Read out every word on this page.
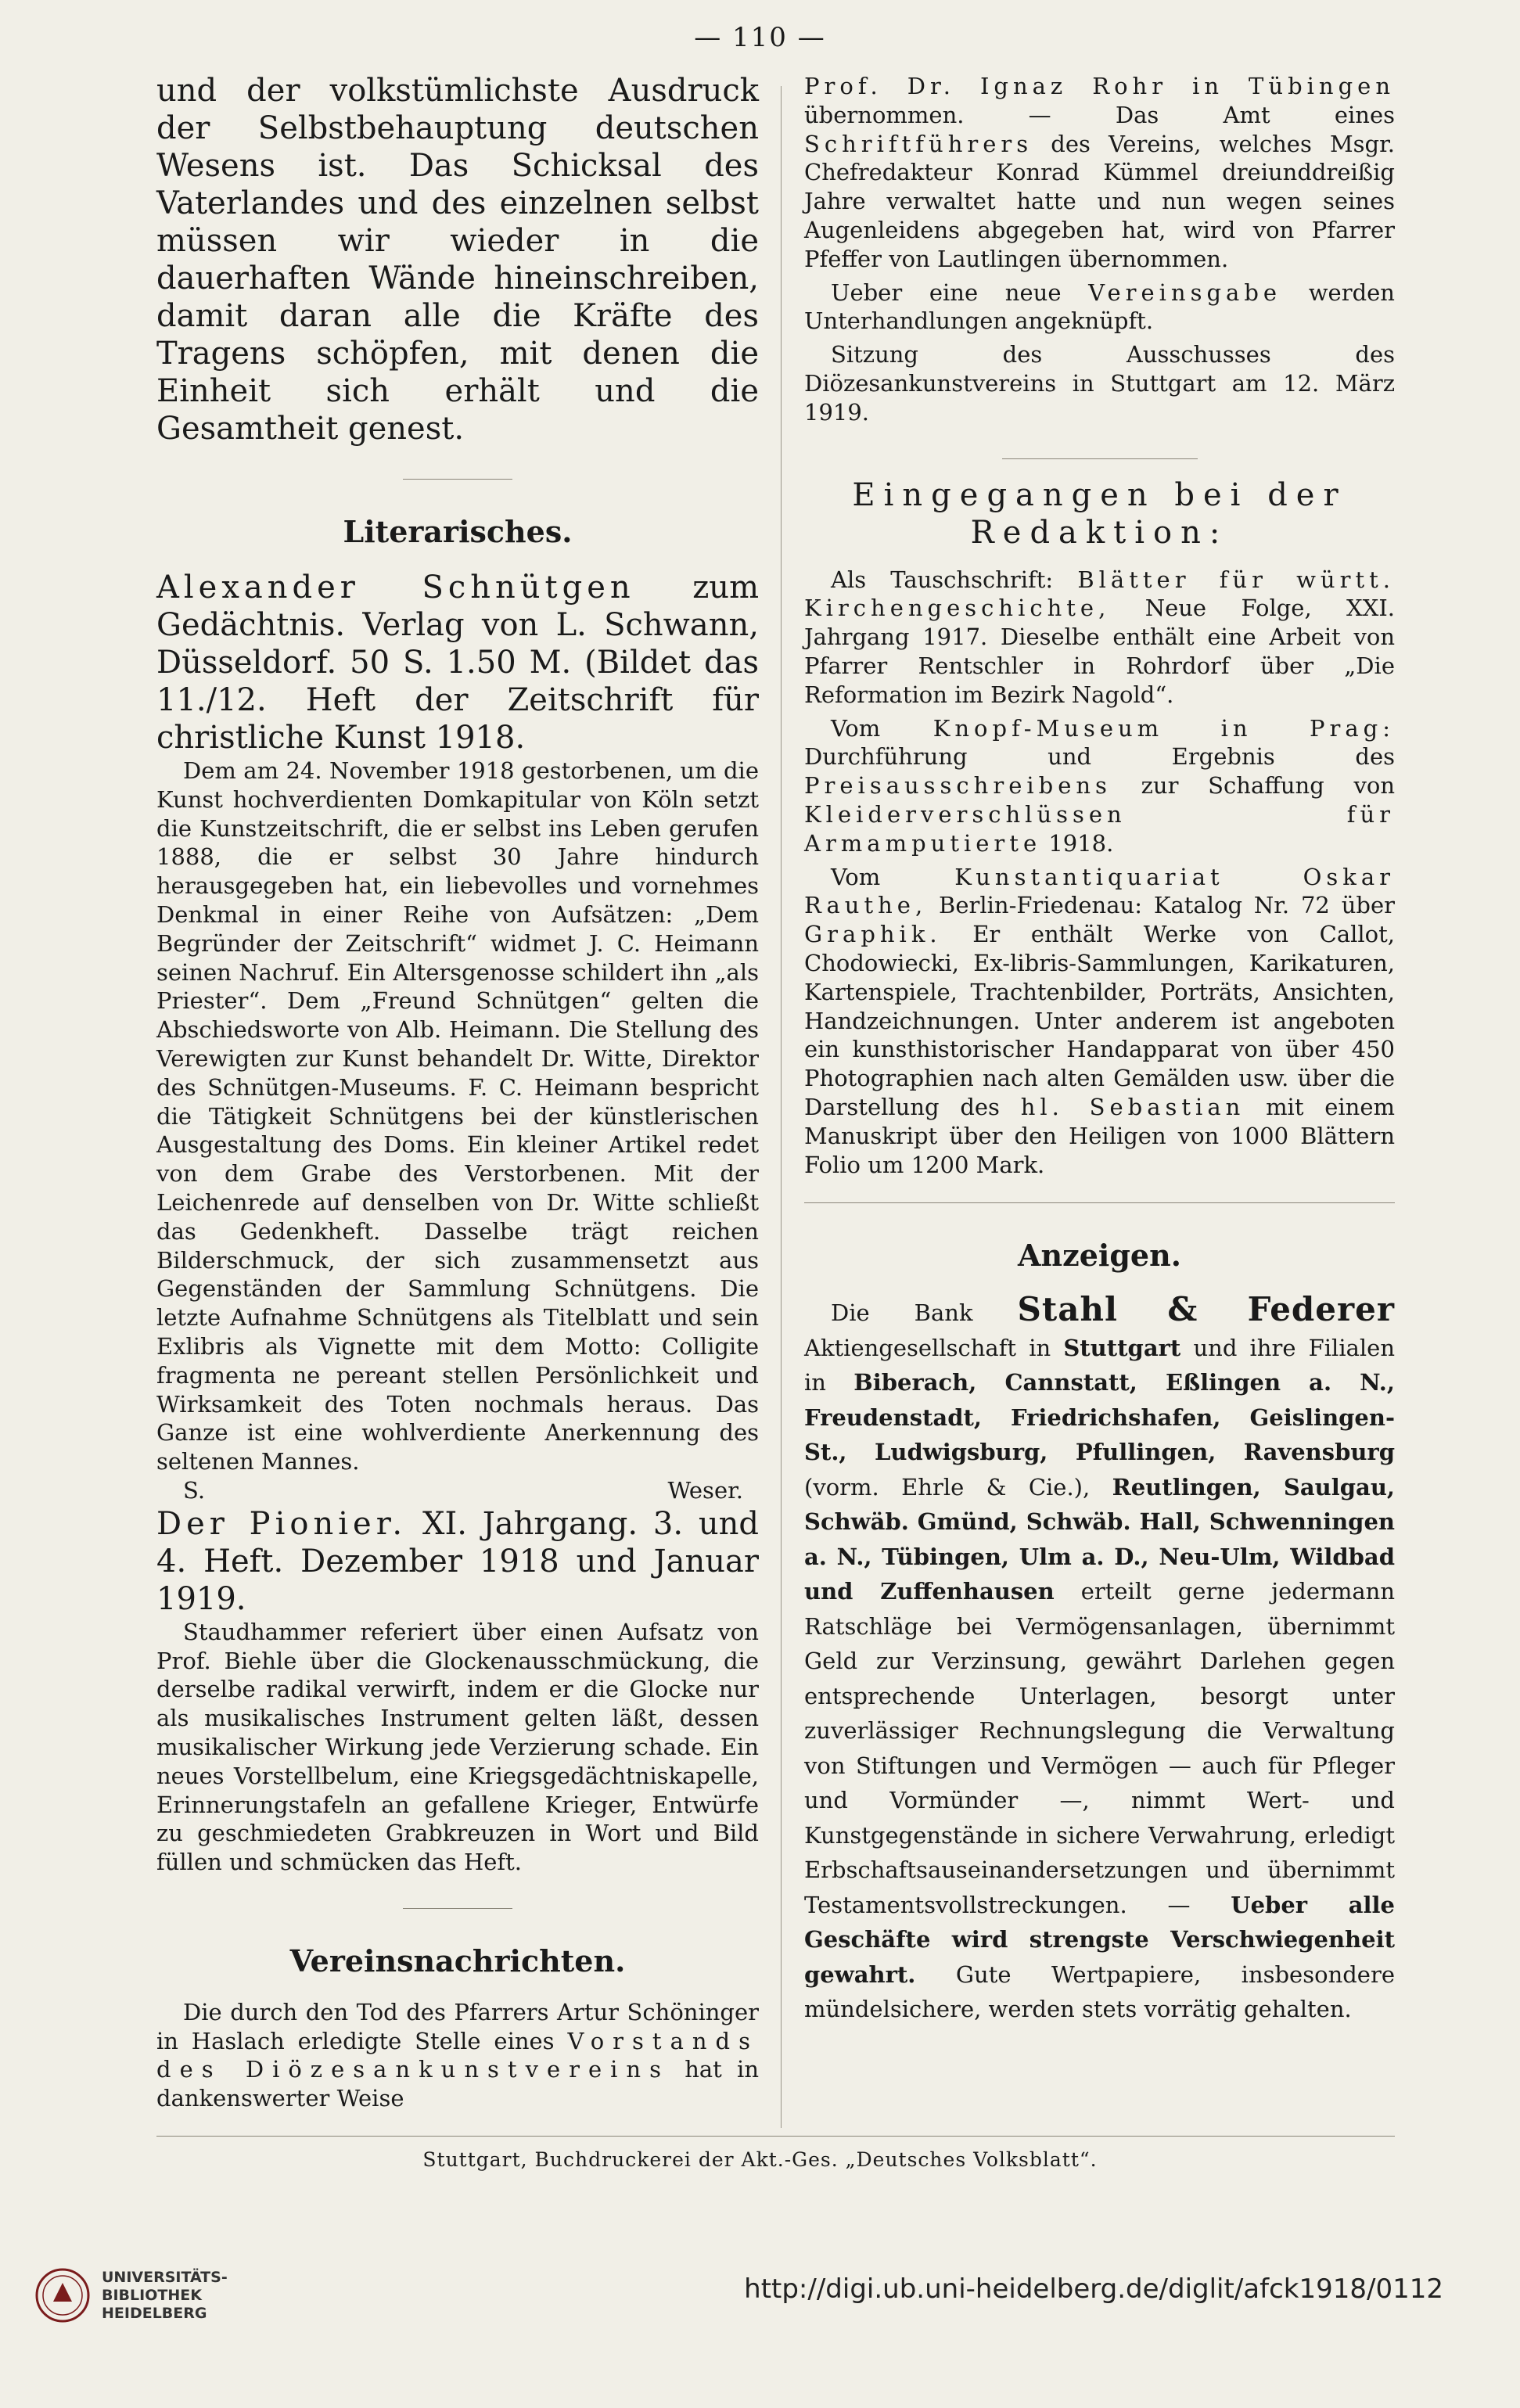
— 110 —

und der volkstümlichste Ausdruck der Selbstbehauptung deutschen Wesens ist. Das Schicksal des Vaterlandes und des einzelnen selbst müssen wir wieder in die dauerhaften Wände hineinschreiben, damit daran alle die Kräfte des Tragens schöpfen, mit denen die Einheit sich erhält und die Gesamtheit genest.

Literarisches.

Alexander Schnütgen zum Gedächtnis. Verlag von L. Schwann, Düsseldorf. 50 S. 1.50 M. (Bildet das 11./12. Heft der Zeitschrift für christliche Kunst 1918.

Dem am 24. November 1918 gestorbenen, um die Kunst hochverdienten Domkapitular von Köln setzt die Kunstzeitschrift, die er selbst ins Leben gerufen 1888, die er selbst 30 Jahre hindurch herausgegeben hat, ein liebevolles und vornehmes Denkmal in einer Reihe von Aufsätzen: „Dem Begründer der Zeitschrift“ widmet J. C. Heimann seinen Nachruf. Ein Altersgenosse schildert ihn „als Priester“. Dem „Freund Schnütgen“ gelten die Abschiedsworte von Alb. Heimann. Die Stellung des Verewigten zur Kunst behandelt Dr. Witte, Direktor des Schnütgen-Museums. F. C. Heimann bespricht die Tätigkeit Schnütgens bei der künstlerischen Ausgestaltung des Doms. Ein kleiner Artikel redet von dem Grabe des Verstorbenen. Mit der Leichenrede auf denselben von Dr. Witte schließt das Gedenkheft. Dasselbe trägt reichen Bilderschmuck, der sich zusammensetzt aus Gegenständen der Sammlung Schnütgens. Die letzte Aufnahme Schnütgens als Titelblatt und sein Exlibris als Vignette mit dem Motto: Colligite fragmenta ne pereant stellen Persönlichkeit und Wirksamkeit des Toten nochmals heraus. Das Ganze ist eine wohlverdiente Anerkennung des seltenen Mannes.

S.	Weser.

Der Pionier. XI. Jahrgang. 3. und 4. Heft. Dezember 1918 und Januar 1919.

Staudhammer referiert über einen Aufsatz von Prof. Biehle über die Glockenausschmückung, die derselbe radikal verwirft, indem er die Glocke nur als musikalisches Instrument gelten läßt, dessen musikalischer Wirkung jede Verzierung schade. Ein neues Vorstellbelum, eine Kriegsgedächtniskapelle, Erinnerungstafeln an gefallene Krieger, Entwürfe zu geschmiedeten Grabkreuzen in Wort und Bild füllen und schmücken das Heft.

Vereinsnachrichten.

Die durch den Tod des Pfarrers Artur Schöninger in Haslach erledigte Stelle eines Vorstands des Diözesankunstvereins hat in dankenswerter Weise

Prof. Dr. Ignaz Rohr in Tübingen übernommen. — Das Amt eines Schriftführers des Vereins, welches Msgr. Chefredakteur Konrad Kümmel dreiunddreißig Jahre verwaltet hatte und nun wegen seines Augenleidens abgegeben hat, wird von Pfarrer Pfeffer von Lautlingen übernommen.

Ueber eine neue Vereinsgabe werden Unterhandlungen angeknüpft.

Sitzung des Ausschusses des Diözesankunstvereins in Stuttgart am 12. März 1919.

Eingegangen bei der Redaktion:

Als Tauschschrift: Blätter für württ. Kirchengeschichte, Neue Folge, XXI. Jahrgang 1917. Dieselbe enthält eine Arbeit von Pfarrer Rentschler in Rohrdorf über „Die Reformation im Bezirk Nagold“.

Vom Knopf-Museum in Prag: Durchführung und Ergebnis des Preisausschreibens zur Schaffung von Kleiderverschlüssen für Armamputierte 1918.

Vom	Kunstantiquariat Oskar Rauthe, Berlin-Friedenau: Katalog Nr. 72 über Graphik. Er enthält Werke von Callot, Chodowiecki, Ex-libris-Sammlungen, Karikaturen, Kartenspiele, Trachtenbilder, Porträts, Ansichten, Handzeichnungen. Unter anderem ist angeboten ein kunsthistorischer Handapparat von über 450 Photographien nach alten Gemälden usw. über die Darstellung des hl. Sebastian mit einem Manuskript über den Heiligen von 1000 Blättern Folio um 1200 Mark.

Anzeigen.

Die Bank Stahl & Federer Aktiengesellschaft in Stuttgart und ihre Filialen in Biberach, Cannstatt, Eßlingen a. N., Freudenstadt, Friedrichshafen, Geislingen-St., Ludwigsburg, Pfullingen, Ravensburg (vorm. Ehrle & Cie.), Reutlingen, Saulgau, Schwäb. Gmünd, Schwäb. Hall, Schwenningen a. N., Tübingen, Ulm a. D., Neu-Ulm, Wildbad und Zuffenhausen erteilt gerne jedermann Ratschläge bei Vermögensanlagen, übernimmt Geld zur Verzinsung, gewährt Darlehen gegen entsprechende Unterlagen, besorgt unter zuverlässiger Rechnungslegung die Verwaltung von Stiftungen und Vermögen — auch für Pfleger und Vormünder —, nimmt Wert- und Kunstgegenstände in sichere Verwahrung, erledigt Erbschaftsauseinandersetzungen und übernimmt Testamentsvollstreckungen. — Ueber alle Geschäfte wird strengste Verschwiegenheit gewahrt. Gute Wertpapiere, insbesondere mündelsichere, werden stets vorrätig gehalten.

Stuttgart, Buchdruckerei der Akt.-Ges. „Deutsches Volksblatt“.
UNIVERSITÄTS-
BIBLIOTHEK
HEIDELBERG
http://digi.ub.uni-heidelberg.de/diglit/afck1918/0112
